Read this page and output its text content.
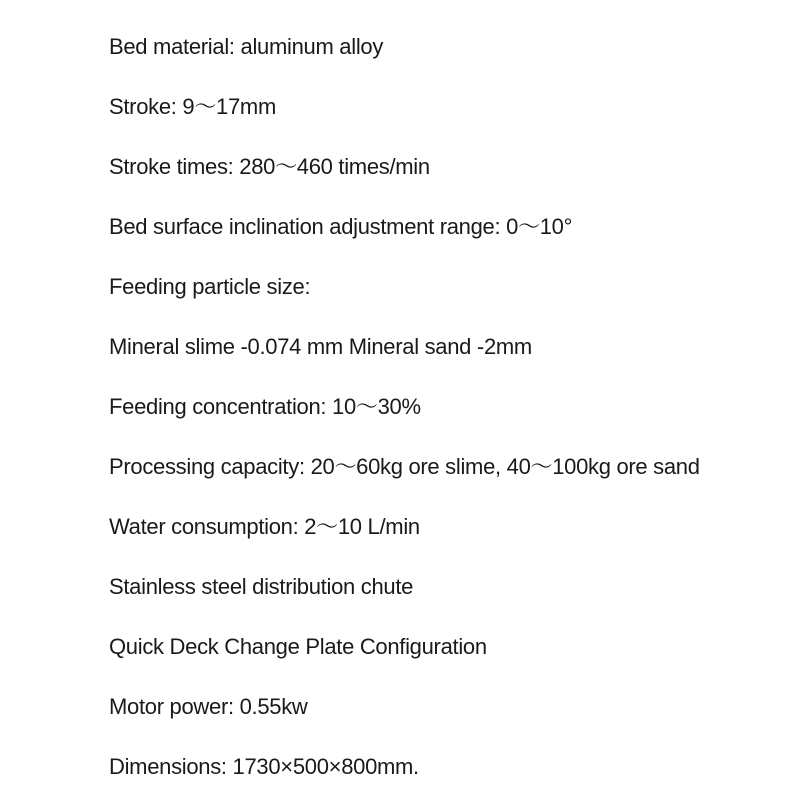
Bed material: aluminum alloy
Stroke: 9～17mm
Stroke times: 280～460 times/min
Bed surface inclination adjustment range: 0～10°
Feeding particle size:
Mineral slime -0.074 mm Mineral sand -2mm
Feeding concentration: 10～30%
Processing capacity: 20～60kg ore slime, 40～100kg ore sand
Water consumption: 2～10 L/min
Stainless steel distribution chute
Quick Deck Change Plate Configuration
Motor power: 0.55kw
Dimensions: 1730×500×800mm.
